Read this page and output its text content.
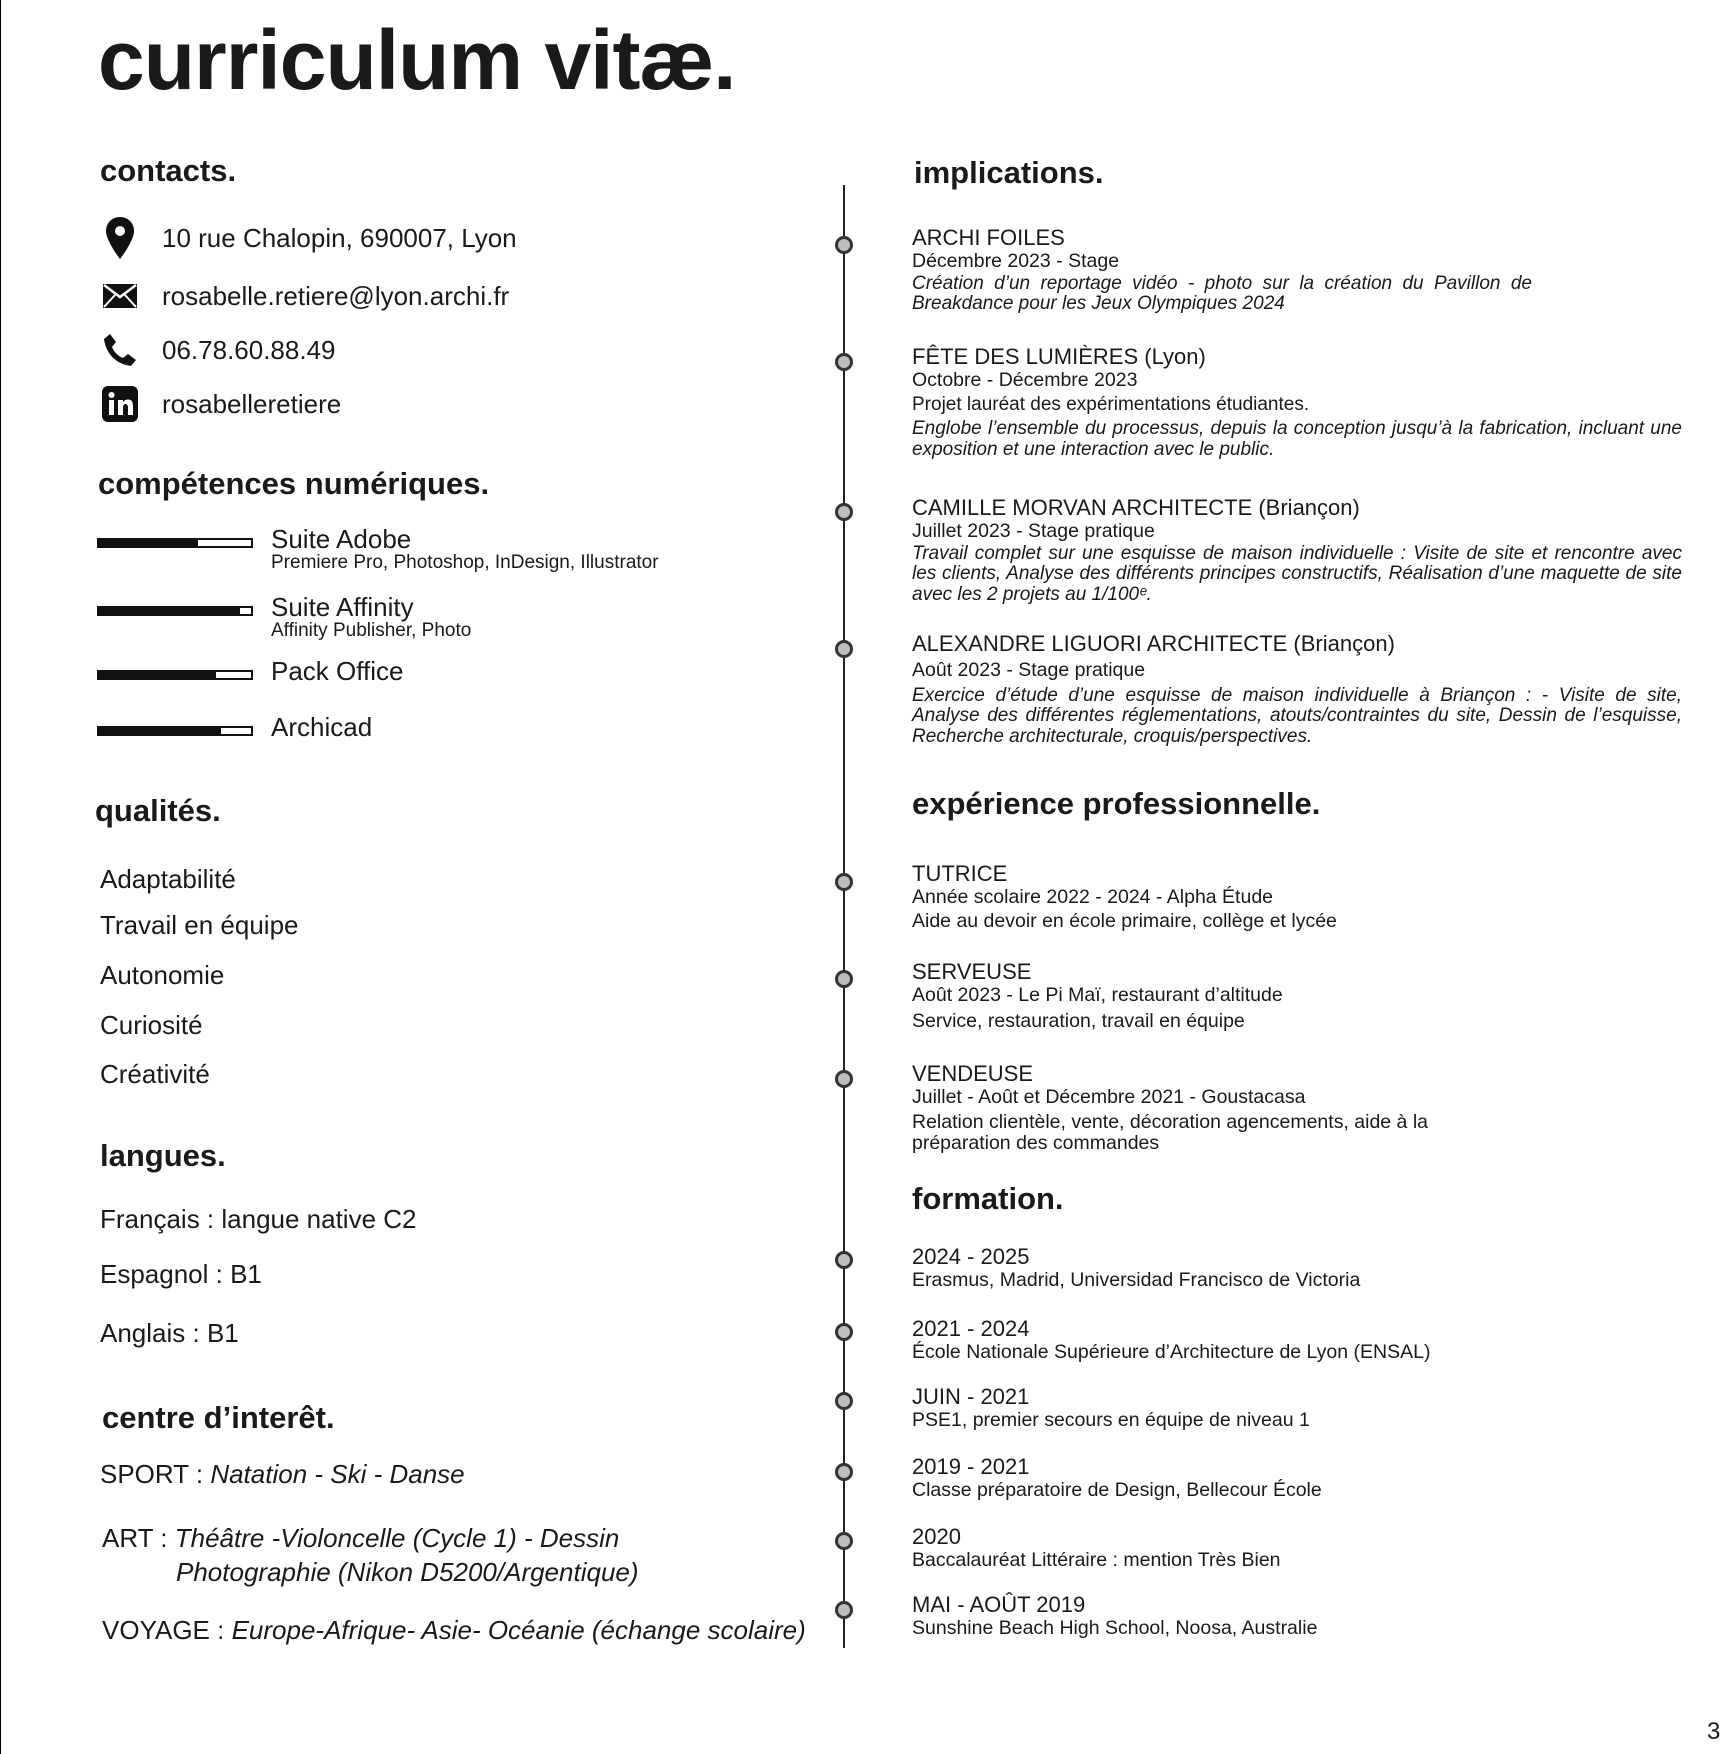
curriculum vitæ.
contacts.
10 rue Chalopin, 690007, Lyon
rosabelle.retiere@lyon.archi.fr
06.78.60.88.49
rosabelleretiere
compétences numériques.
Suite Adobe
Premiere Pro, Photoshop, InDesign, Illustrator
Suite Affinity
Affinity Publisher, Photo
Pack Office
Archicad
qualités.
Adaptabilité
Travail en équipe
Autonomie
Curiosité
Créativité
langues.
Français : langue native C2
Espagnol : B1
Anglais : B1
centre d’interêt.
SPORT : Natation - Ski - Danse
ART : Théâtre -Violoncelle (Cycle 1) - Dessin
Photographie (Nikon D5200/Argentique)
VOYAGE : Europe-Afrique- Asie- Océanie (échange scolaire)
implications.
ARCHI FOILES
Décembre 2023 - Stage
Création d’un reportage vidéo - photo sur la création du Pavillon de Breakdance pour les Jeux Olympiques 2024
FÊTE DES LUMIÈRES (Lyon)
Octobre - Décembre 2023
Projet lauréat des expérimentations étudiantes.
Englobe l’ensemble du processus, depuis la conception jusqu’à la fabrication, incluant une exposition et une interaction avec le public.
CAMILLE MORVAN ARCHITECTE (Briançon)
Juillet 2023 - Stage pratique
Travail complet sur une esquisse de maison individuelle : Visite de site et rencontre avec les clients, Analyse des différents principes constructifs, Réalisation d’une maquette de site avec les 2 projets au 1/100ᵉ.
ALEXANDRE LIGUORI ARCHITECTE (Briançon)
Août 2023 - Stage pratique
Exercice d’étude d’une esquisse de maison individuelle à Briançon : - Visite de site, Analyse des différentes réglementations, atouts/contraintes du site, Dessin de l’esquisse, Recherche architecturale, croquis/perspectives.
expérience professionnelle.
TUTRICE
Année scolaire 2022 - 2024 - Alpha Étude
Aide au devoir en école primaire, collège et lycée
SERVEUSE
Août 2023 - Le Pi Maï, restaurant d’altitude
Service, restauration, travail en équipe
VENDEUSE
Juillet - Août et Décembre 2021 - Goustacasa
Relation clientèle, vente, décoration agencements, aide à la préparation des commandes
formation.
2024 - 2025
Erasmus, Madrid, Universidad Francisco de Victoria
2021 - 2024
École Nationale Supérieure d’Architecture de Lyon (ENSAL)
JUIN - 2021
PSE1, premier secours en équipe de niveau 1
2019 - 2021
Classe préparatoire de Design, Bellecour École
2020
Baccalauréat Littéraire : mention Très Bien
MAI - AOÛT 2019
Sunshine Beach High School, Noosa, Australie
3
